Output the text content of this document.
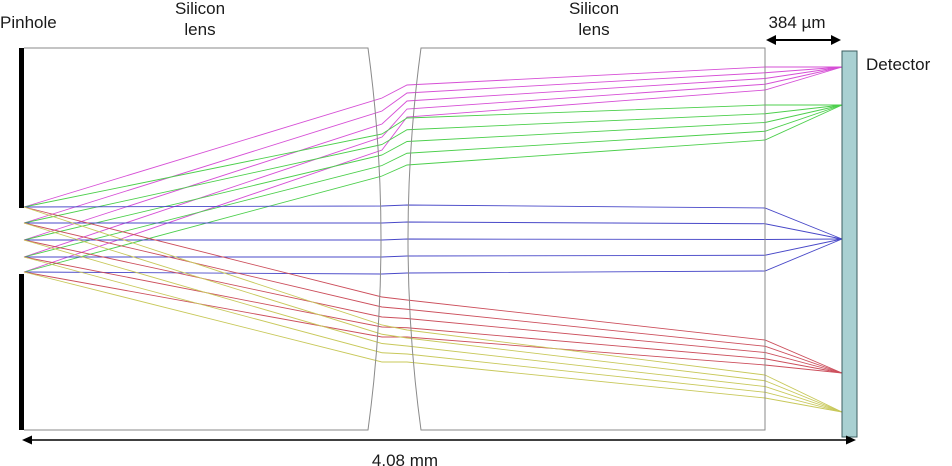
Pinhole
Silicon
lens
Silicon
lens	384 µm
Detector
4.08 mm
